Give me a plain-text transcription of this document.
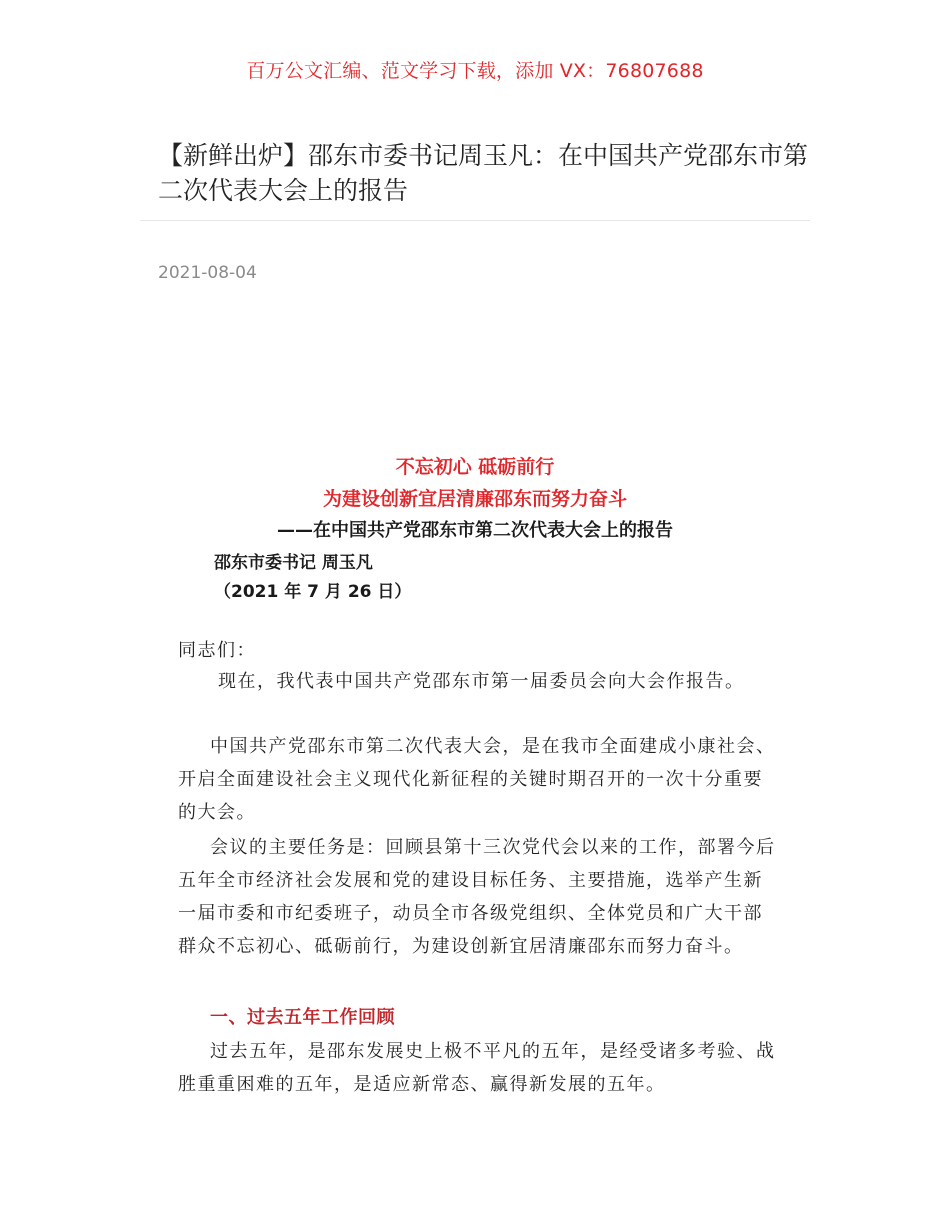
百万公文汇编、范文学习下载，添加 VX：76807688
【新鲜出炉】邵东市委书记周玉凡：在中国共产党邵东市第二次代表大会上的报告
2021-08-04
不忘初心 砥砺前行
为建设创新宜居清廉邵东而努力奋斗
——在中国共产党邵东市第二次代表大会上的报告
邵东市委书记 周玉凡
（2021 年 7 月 26 日）

同志们：

现在，我代表中国共产党邵东市第一届委员会向大会作报告。

中国共产党邵东市第二次代表大会，是在我市全面建成小康社会、开启全面建设社会主义现代化新征程的关键时期召开的一次十分重要的大会。

会议的主要任务是：回顾县第十三次党代会以来的工作，部署今后五年全市经济社会发展和党的建设目标任务、主要措施，选举产生新一届市委和市纪委班子，动员全市各级党组织、全体党员和广大干部群众不忘初心、砥砺前行，为建设创新宜居清廉邵东而努力奋斗。

一、过去五年工作回顾

过去五年，是邵东发展史上极不平凡的五年，是经受诸多考验、战胜重重困难的五年，是适应新常态、赢得新发展的五年。
